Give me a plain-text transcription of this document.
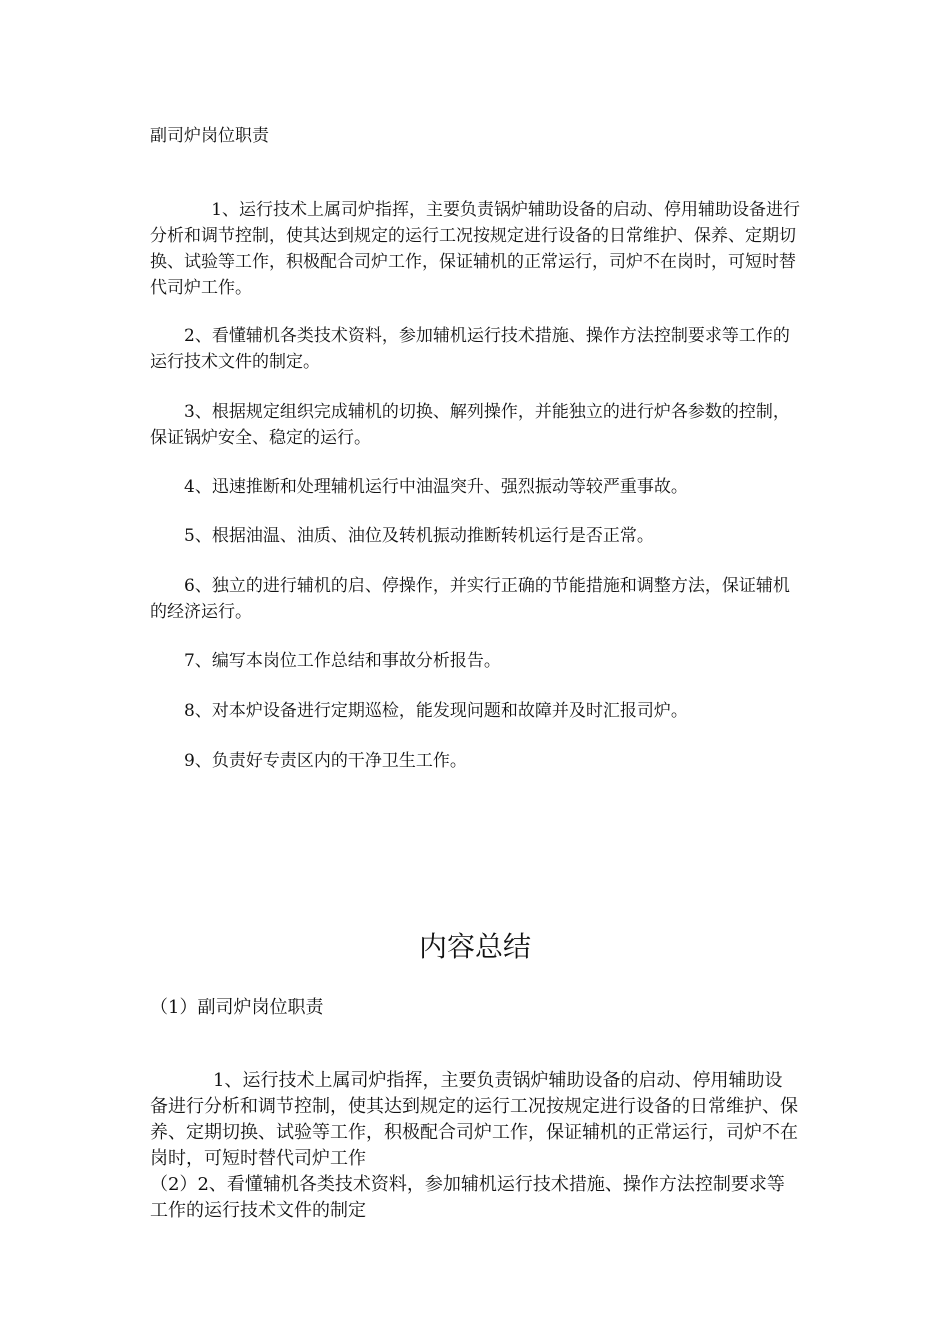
副司炉岗位职责

1、运行技术上属司炉指挥，主要负责锅炉辅助设备的启动、停用辅助设备进行分析和调节控制，使其达到规定的运行工况按规定进行设备的日常维护、保养、定期切换、试验等工作，积极配合司炉工作，保证辅机的正常运行，司炉不在岗时，可短时替代司炉工作。

2、看懂辅机各类技术资料，参加辅机运行技术措施、操作方法控制要求等工作的运行技术文件的制定。

3、根据规定组织完成辅机的切换、解列操作，并能独立的进行炉各参数的控制，保证锅炉安全、稳定的运行。

4、迅速推断和处理辅机运行中油温突升、强烈振动等较严重事故。

5、根据油温、油质、油位及转机振动推断转机运行是否正常。

6、独立的进行辅机的启、停操作，并实行正确的节能措施和调整方法，保证辅机的经济运行。

7、编写本岗位工作总结和事故分析报告。

8、对本炉设备进行定期巡检，能发现问题和故障并及时汇报司炉。

9、负责好专责区内的干净卫生工作。

内容总结

（1）副司炉岗位职责

1、运行技术上属司炉指挥，主要负责锅炉辅助设备的启动、停用辅助设备进行分析和调节控制，使其达到规定的运行工况按规定进行设备的日常维护、保养、定期切换、试验等工作，积极配合司炉工作，保证辅机的正常运行，司炉不在岗时，可短时替代司炉工作

（2）2、看懂辅机各类技术资料，参加辅机运行技术措施、操作方法控制要求等工作的运行技术文件的制定
